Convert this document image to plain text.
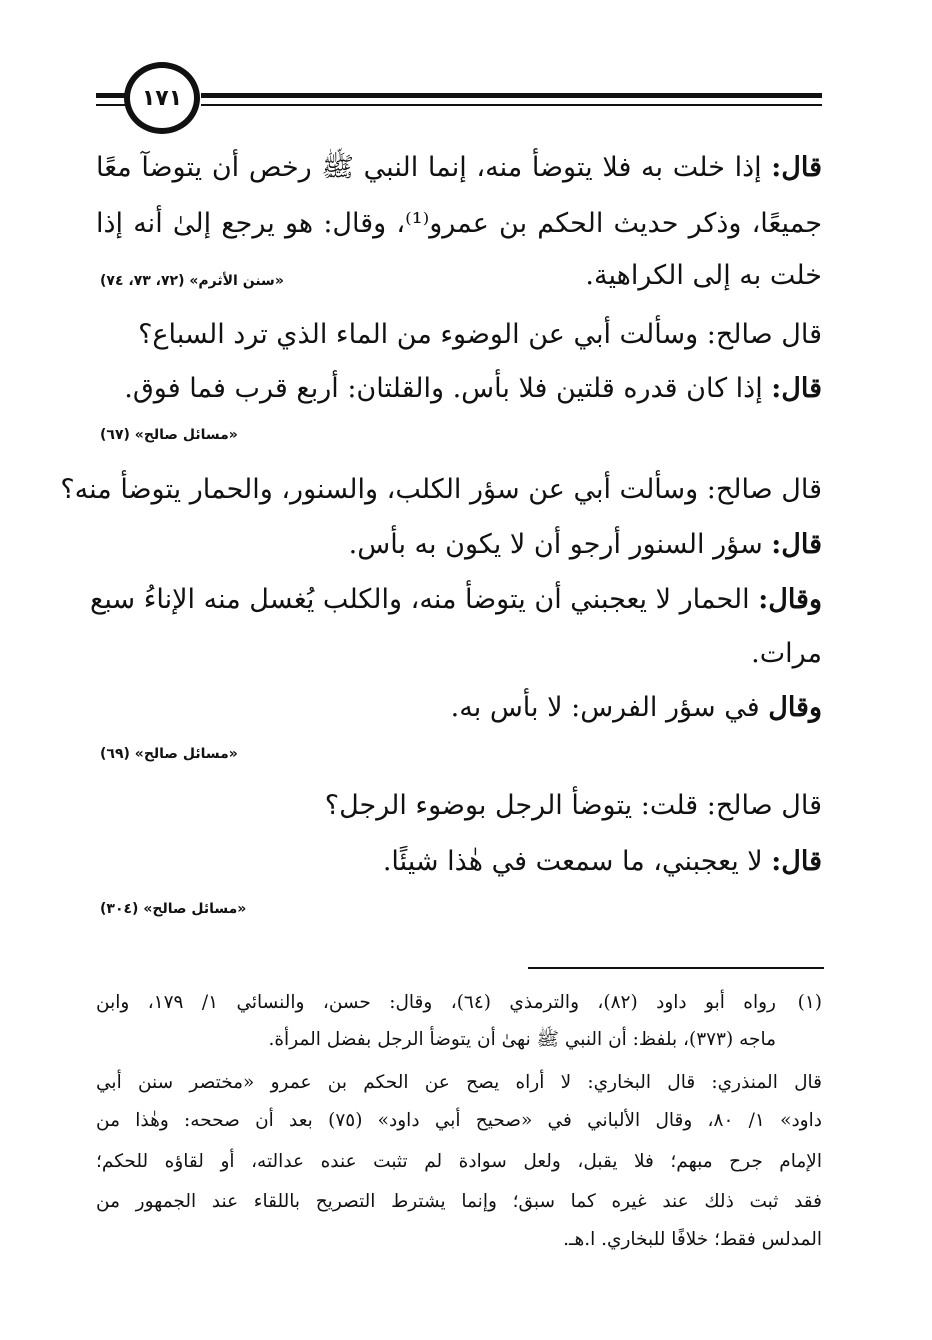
١٧١
قال: إذا خلت به فلا يتوضأ منه، إنما النبي ﷺ رخص أن يتوضآ معًا
جميعًا، وذكر حديث الحكم بن عمرو⁽¹⁾، وقال: هو يرجع إلىٰ أنه إذا
خلت به إلى الكراهية.
«سنن الأثرم» (٧٢، ٧٣، ٧٤)
قال صالح: وسألت أبي عن الوضوء من الماء الذي ترد السباع؟
قال: إذا كان قدره قلتين فلا بأس. والقلتان: أربع قرب فما فوق.
«مسائل صالح» (٦٧)
قال صالح: وسألت أبي عن سؤر الكلب، والسنور، والحمار يتوضأ منه؟
قال: سؤر السنور أرجو أن لا يكون به بأس.
وقال: الحمار لا يعجبني أن يتوضأ منه، والكلب يُغسل منه الإناءُ سبع
مرات.
وقال في سؤر الفرس: لا بأس به.
«مسائل صالح» (٦٩)
قال صالح: قلت: يتوضأ الرجل بوضوء الرجل؟
قال: لا يعجبني، ما سمعت في هٰذا شيئًا.
«مسائل صالح» (٣٠٤)
(١)
رواه أبو داود (٨٢)، والترمذي (٦٤)، وقال: حسن، والنسائي ١/ ١٧٩، وابن
ماجه (٣٧٣)، بلفظ: أن النبي ﷺ نهىٰ أن يتوضأ الرجل بفضل المرأة.
قال المنذري: قال البخاري: لا أراه يصح عن الحكم بن عمرو «مختصر سنن أبي
داود» ١/ ٨٠، وقال الألباني في «صحيح أبي داود» (٧٥) بعد أن صححه: وهٰذا من
الإمام جرح مبهم؛ فلا يقبل، ولعل سوادة لم تثبت عنده عدالته، أو لقاؤه للحكم؛
فقد ثبت ذلك عند غيره كما سبق؛ وإنما يشترط التصريح باللقاء عند الجمهور من
المدلس فقط؛ خلافًا للبخاري. ا.هـ.
